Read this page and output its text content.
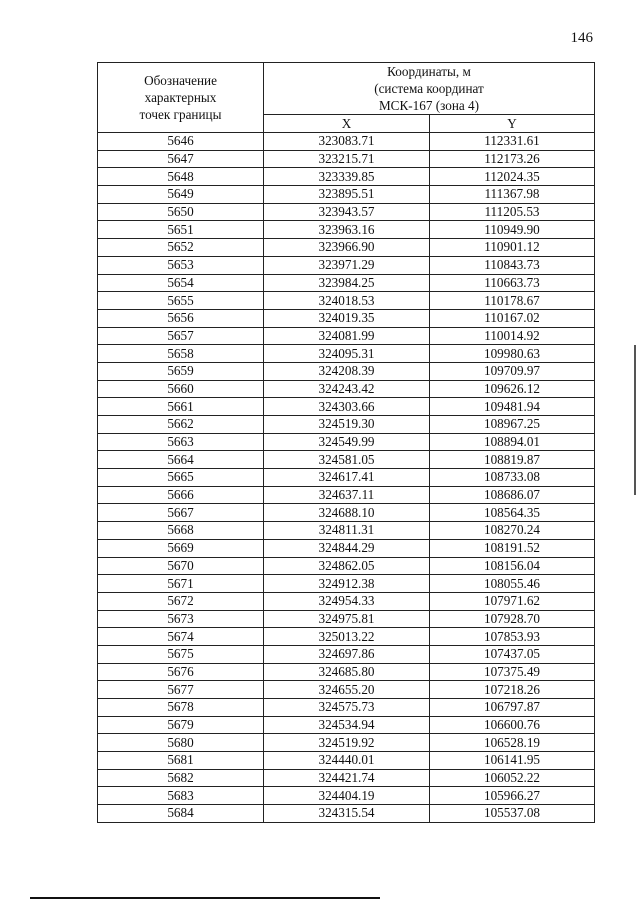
146
Обозначение
характерных
точек границы	Координаты, м
(система координат
МСК-167 (зона 4)	
	X	Y
5646	323083.71	112331.61
5647	323215.71	112173.26
5648	323339.85	112024.35
5649	323895.51	111367.98
5650	323943.57	111205.53
5651	323963.16	110949.90
5652	323966.90	110901.12
5653	323971.29	110843.73
5654	323984.25	110663.73
5655	324018.53	110178.67
5656	324019.35	110167.02
5657	324081.99	110014.92
5658	324095.31	109980.63
5659	324208.39	109709.97
5660	324243.42	109626.12
5661	324303.66	109481.94
5662	324519.30	108967.25
5663	324549.99	108894.01
5664	324581.05	108819.87
5665	324617.41	108733.08
5666	324637.11	108686.07
5667	324688.10	108564.35
5668	324811.31	108270.24
5669	324844.29	108191.52
5670	324862.05	108156.04
5671	324912.38	108055.46
5672	324954.33	107971.62
5673	324975.81	107928.70
5674	325013.22	107853.93
5675	324697.86	107437.05
5676	324685.80	107375.49
5677	324655.20	107218.26
5678	324575.73	106797.87
5679	324534.94	106600.76
5680	324519.92	106528.19
5681	324440.01	106141.95
5682	324421.74	106052.22
5683	324404.19	105966.27
5684	324315.54	105537.08
